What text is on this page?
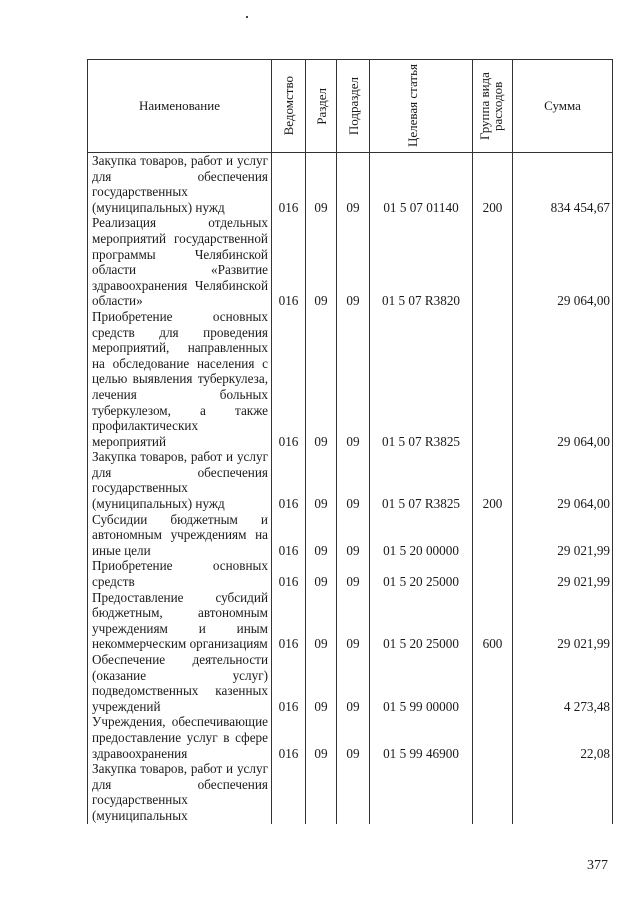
Наименование	Ведомство	Раздел	Подраздел	Целевая статья	Группа вида расходов	Сумма
Закупка товаров, работ и услуг для обеспечения государственных (муниципальных) нужд	016	09	09	01 5 07 01140	200	834 454,67
Реализация отдельных мероприятий государственной программы Челябинской области «Развитие здравоохранения Челябинской области»	016	09	09	01 5 07 R3820		29 064,00
Приобретение основных средств для проведения мероприятий, направленных на обследование населения с целью выявления туберкулеза, лечения больных туберкулезом, а также профилактических мероприятий	016	09	09	01 5 07 R3825		29 064,00
Закупка товаров, работ и услуг для обеспечения государственных (муниципальных) нужд	016	09	09	01 5 07 R3825	200	29 064,00
Субсидии бюджетным и автономным учреждениям на иные цели	016	09	09	01 5 20 00000		29 021,99
Приобретение основных средств	016	09	09	01 5 20 25000		29 021,99
Предоставление субсидий бюджетным, автономным учреждениям и иным некоммерческим организациям	016	09	09	01 5 20 25000	600	29 021,99
Обеспечение деятельности (оказание услуг) подведомственных казенных учреждений	016	09	09	01 5 99 00000		4 273,48
Учреждения, обеспечивающие предоставление услуг в сфере здравоохранения	016	09	09	01 5 99 46900		22,08
Закупка товаров, работ и услуг для обеспечения государственных (муниципальных						
377
